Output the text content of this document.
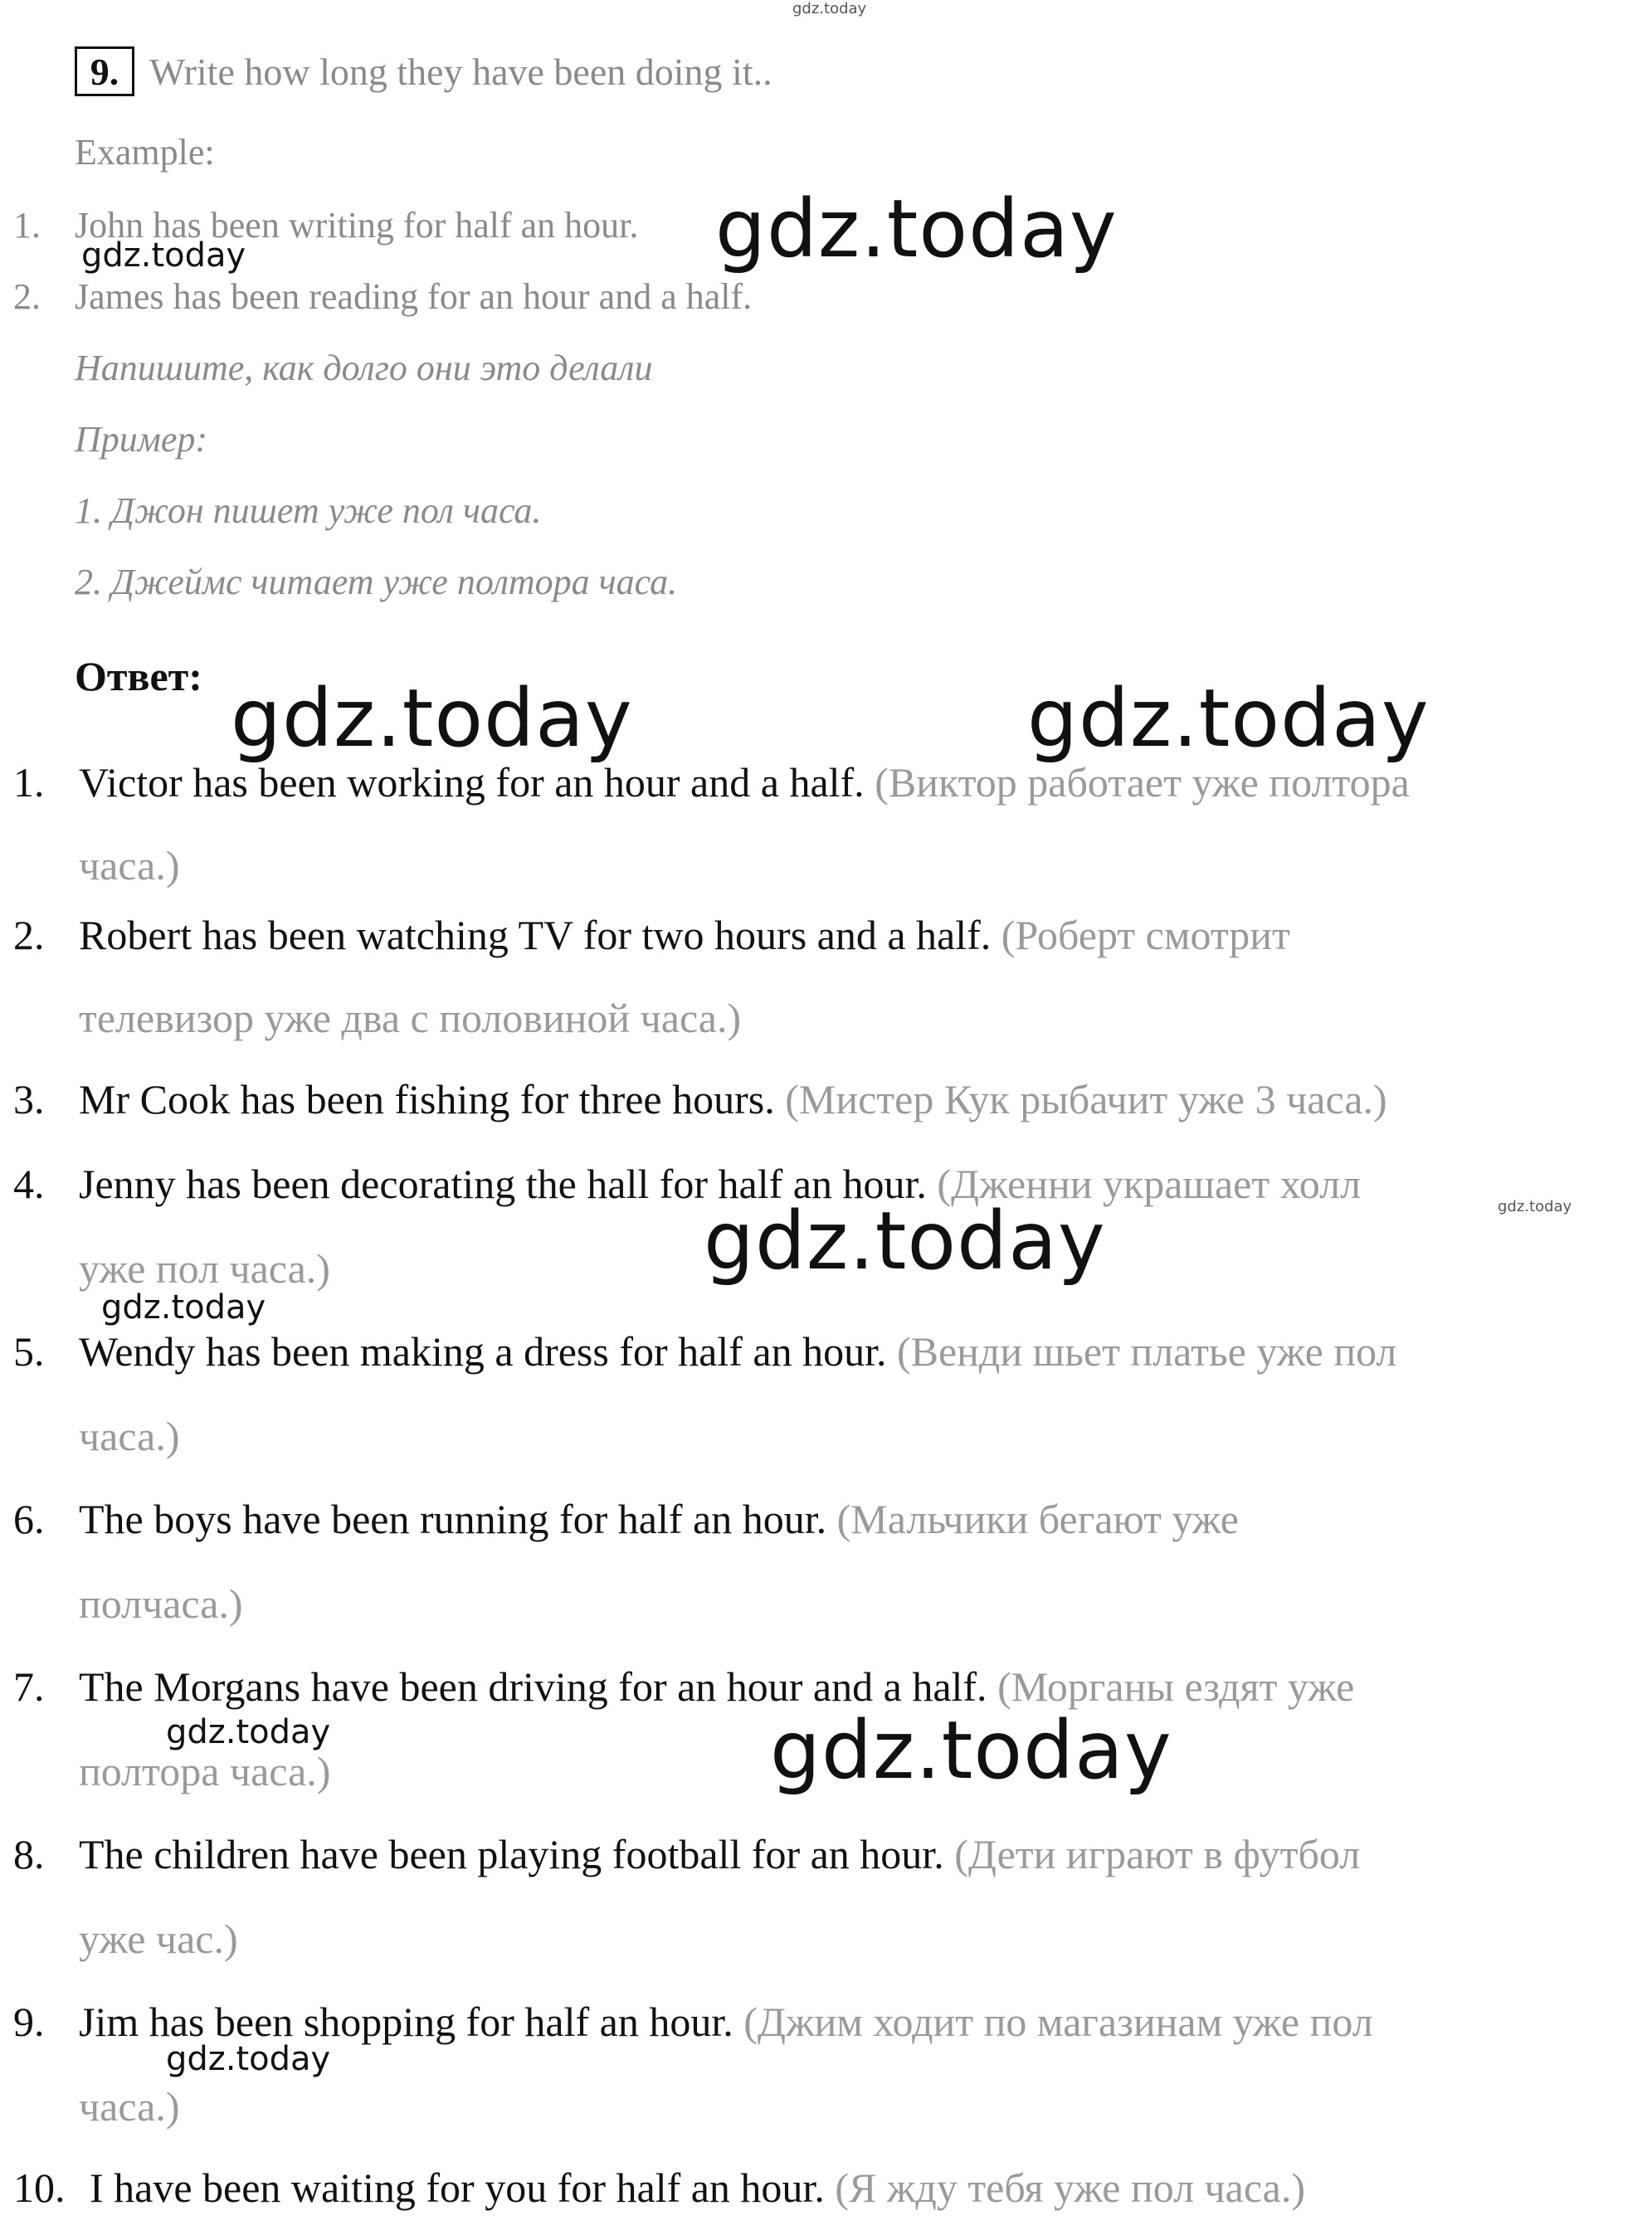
9. Write how long they have been doing it..
Example:
1. John has been writing for half an hour.
2. James has been reading for an hour and a half.
Напишите, как долго они это делали
Пример:
1. Джон пишет уже пол часа.
2. Джеймс читает уже полтора часа.
Ответ:
1. Victor has been working for an hour and a half. (Виктор работает уже полтора
часа.)
2. Robert has been watching TV for two hours and a half. (Роберт смотрит
телевизор уже два с половиной часа.)
3. Mr Cook has been fishing for three hours. (Мистер Кук рыбачит уже 3 часа.)
4. Jenny has been decorating the hall for half an hour. (Дженни украшает холл
уже пол часа.)
5. Wendy has been making a dress for half an hour. (Венди шьет платье уже пол
часа.)
6. The boys have been running for half an hour. (Мальчики бегают уже
полчаса.)
7. The Morgans have been driving for an hour and a half. (Морганы ездят уже
полтора часа.)
8. The children have been playing football for an hour. (Дети играют в футбол
уже час.)
9. Jim has been shopping for half an hour. (Джим ходит по магазинам уже пол
часа.)
10. I have been waiting for you for half an hour. (Я жду тебя уже пол часа.)
gdz.today
gdz.today
gdz.today
gdz.today	gdz.today
gdz.today	gdz.today
gdz.today
gdz.today	gdz.today
gdz.today
